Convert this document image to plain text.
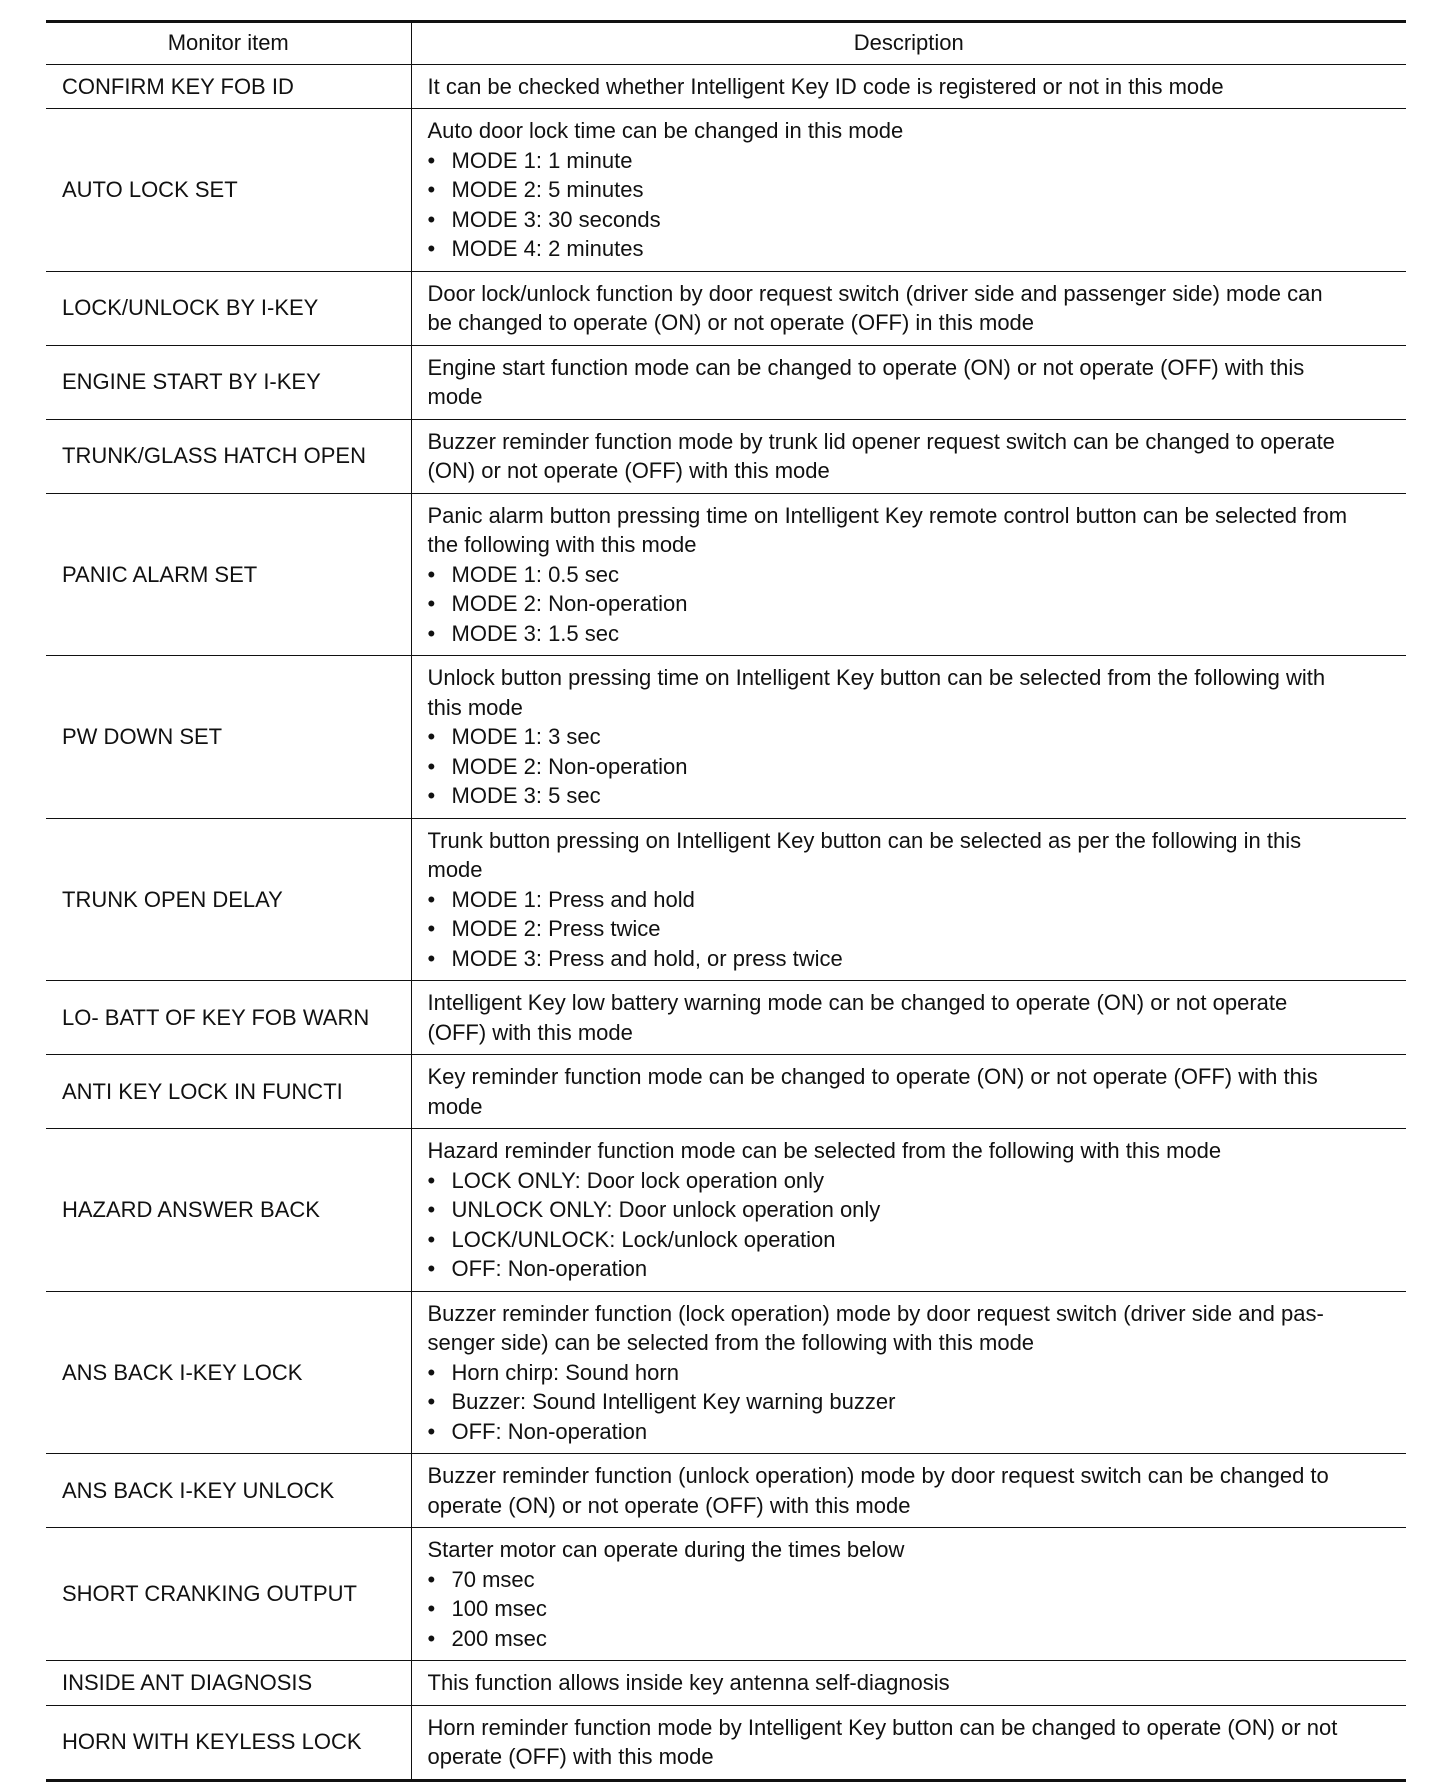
Monitor item	Description
CONFIRM KEY FOB ID	It can be checked whether Intelligent Key ID code is registered or not in this mode

AUTO LOCK SET	Auto door lock time can be changed in this mode
• MODE 1: 1 minute
• MODE 2: 5 minutes
• MODE 3: 30 seconds
• MODE 4: 2 minutes

LOCK/UNLOCK BY I-KEY	Door lock/unlock function by door request switch (driver side and passenger side) mode can
be changed to operate (ON) or not operate (OFF) in this mode

ENGINE START BY I-KEY	Engine start function mode can be changed to operate (ON) or not operate (OFF) with this
mode

TRUNK/GLASS HATCH OPEN	Buzzer reminder function mode by trunk lid opener request switch can be changed to operate
(ON) or not operate (OFF) with this mode

PANIC ALARM SET	Panic alarm button pressing time on Intelligent Key remote control button can be selected from
the following with this mode
• MODE 1: 0.5 sec
• MODE 2: Non-operation
• MODE 3: 1.5 sec

PW DOWN SET	Unlock button pressing time on Intelligent Key button can be selected from the following with
this mode
• MODE 1: 3 sec
• MODE 2: Non-operation
• MODE 3: 5 sec

TRUNK OPEN DELAY	Trunk button pressing on Intelligent Key button can be selected as per the following in this
mode
• MODE 1: Press and hold
• MODE 2: Press twice
• MODE 3: Press and hold, or press twice

LO- BATT OF KEY FOB WARN	Intelligent Key low battery warning mode can be changed to operate (ON) or not operate
(OFF) with this mode

ANTI KEY LOCK IN FUNCTI	Key reminder function mode can be changed to operate (ON) or not operate (OFF) with this
mode

HAZARD ANSWER BACK	Hazard reminder function mode can be selected from the following with this mode
• LOCK ONLY: Door lock operation only
• UNLOCK ONLY: Door unlock operation only
• LOCK/UNLOCK: Lock/unlock operation
• OFF: Non-operation

ANS BACK I-KEY LOCK	Buzzer reminder function (lock operation) mode by door request switch (driver side and pas-
senger side) can be selected from the following with this mode
• Horn chirp: Sound horn
• Buzzer: Sound Intelligent Key warning buzzer
• OFF: Non-operation

ANS BACK I-KEY UNLOCK	Buzzer reminder function (unlock operation) mode by door request switch can be changed to
operate (ON) or not operate (OFF) with this mode

SHORT CRANKING OUTPUT	Starter motor can operate during the times below
• 70 msec
• 100 msec
• 200 msec

INSIDE ANT DIAGNOSIS	This function allows inside key antenna self-diagnosis

HORN WITH KEYLESS LOCK	Horn reminder function mode by Intelligent Key button can be changed to operate (ON) or not
operate (OFF) with this mode
